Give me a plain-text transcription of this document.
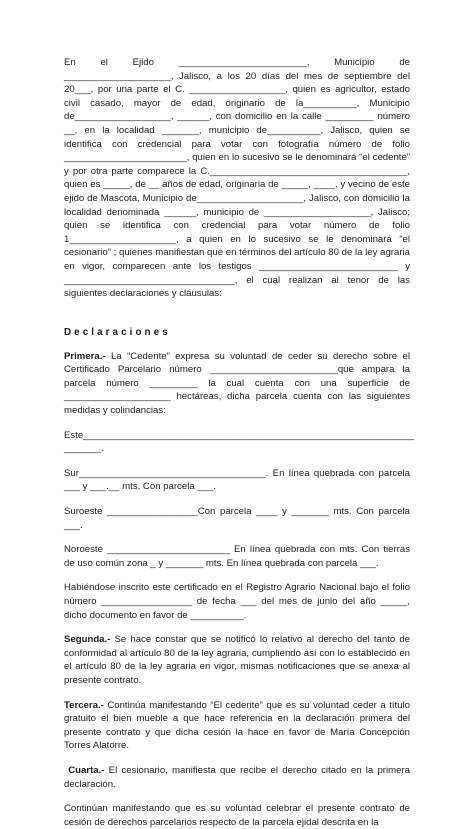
En el Ejido ________________________, Municipio de ____________________, Jalisco, a los 20 días del mes de septiembre del 20___, por una parte el C. __________________, quien es agricultor, estado civil casado, mayor de edad, originario de la__________, Municipio de__________________, ______, con domicilio en la calle _________ número __, en la localidad _______, municipio de__________, Jalisco, quien se identifica con credencial para votar con fotografía número de folio _______________________, quien en lo sucesivo se le denominará “el cedente” y por otra parte comparece la C._____________________________________, quien es _____, de __ años de edad, originaria de _____, ____, y vecino de este ejido de Mascota, Municipio de____________________, Jalisco, con domicilio la localidad denominada ______, municipio de ____________________, Jalisco; quien se identifica con credencial para votar número de folio 1____________________, a quien en lo sucesivo se le denominará “el cesionario” ; quienes manifiestan que en términos del artículo 80 de la ley agraria en vigor, comparecen ante los testigos __________________________ y ________________________________, el cual realizan al tenor de las siguientes declaraciones y cláusulas:

Declaraciones

Primera.- La “Cedente” expresa su voluntad de ceder su derecho sobre el Certificado Parcelario número ________________________que ampara la parcela número _________ la cual cuenta con una superficie de ____________________ hectáreas, dicha parcela cuenta con las siguientes medidas y colindancias:

Este______________________________________________________________ _______.

Sur___________________________________. En línea quebrada con parcela ___ y ___.__ mts. Con parcela ___.

Suroeste _________________Con parcela ____ y _______ mts. Con parcela ___.

Noroeste _______________________ En línea quebrada con mts. Con tierras de uso común zona _ y _______ mts. En línea quebrada con parcela ___.

Habiéndose inscrito este certificado en el Registro Agrario Nacional bajo el folio número _________________ de fecha ___ del mes de junio del año _____, dicho documento en favor de __________.

Segunda.- Se hace constar que se notificó lo relativo al derecho del tanto de conformidad al artículo 80 de la ley agraria, cumpliendo así con lo establecido en el artículo 80 de la ley agraria en vigor, mismas notificaciones que se anexa al presente contrato.

Tercera.- Continúa manifestando “El cedente” que es su voluntad ceder a título gratuito el bien mueble a que hace referencia en la declaración primera del presente contrato y que dicha cesión la hace en favor de María Concepción Torres Alatorre.

Cuarta.- El cesionario, manifiesta que recibe el derecho citado en la primera declaración.

Continúan manifestando que es su voluntad celebrar el presente contrato de cesión de derechos parcelarios respecto de la parcela ejidal descrita en la
